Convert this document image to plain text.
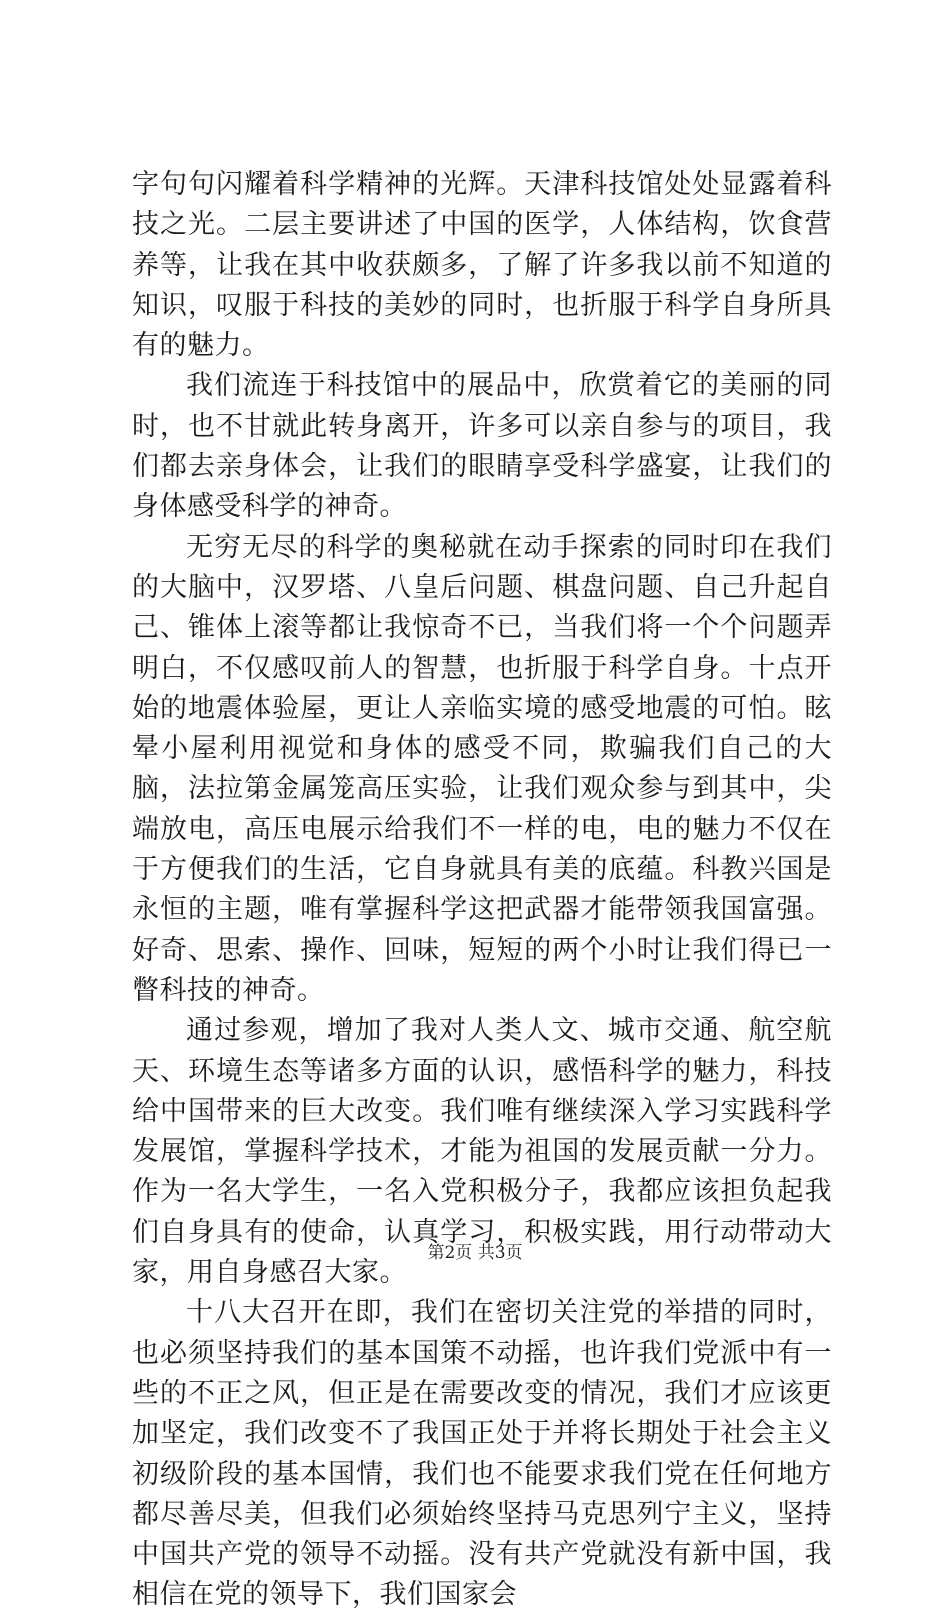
字句句闪耀着科学精神的光辉。天津科技馆处处显露着科技之光。二层主要讲述了中国的医学，人体结构，饮食营养等，让我在其中收获颇多，了解了许多我以前不知道的知识，叹服于科技的美妙的同时，也折服于科学自身所具有的魅力。

我们流连于科技馆中的展品中，欣赏着它的美丽的同时，也不甘就此转身离开，许多可以亲自参与的项目，我们都去亲身体会，让我们的眼睛享受科学盛宴，让我们的身体感受科学的神奇。

无穷无尽的科学的奥秘就在动手探索的同时印在我们的大脑中，汉罗塔、八皇后问题、棋盘问题、自己升起自己、锥体上滚等都让我惊奇不已，当我们将一个个问题弄明白，不仅感叹前人的智慧，也折服于科学自身。十点开始的地震体验屋，更让人亲临实境的感受地震的可怕。眩晕小屋利用视觉和身体的感受不同，欺骗我们自己的大脑，法拉第金属笼高压实验，让我们观众参与到其中，尖端放电，高压电展示给我们不一样的电，电的魅力不仅在于方便我们的生活，它自身就具有美的底蕴。科教兴国是永恒的主题，唯有掌握科学这把武器才能带领我国富强。好奇、思索、操作、回味，短短的两个小时让我们得已一瞥科技的神奇。

通过参观，增加了我对人类人文、城市交通、航空航天、环境生态等诸多方面的认识，感悟科学的魅力，科技给中国带来的巨大改变。我们唯有继续深入学习实践科学发展馆，掌握科学技术，才能为祖国的发展贡献一分力。作为一名大学生，一名入党积极分子，我都应该担负起我们自身具有的使命，认真学习，积极实践，用行动带动大家，用自身感召大家。

十八大召开在即，我们在密切关注党的举措的同时，也必须坚持我们的基本国策不动摇，也许我们党派中有一些的不正之风，但正是在需要改变的情况，我们才应该更加坚定，我们改变不了我国正处于并将长期处于社会主义初级阶段的基本国情，我们也不能要求我们党在任何地方都尽善尽美，但我们必须始终坚持马克思列宁主义，坚持中国共产党的领导不动摇。没有共产党就没有新中国，我相信在党的领导下，我们国家会

第2页 共3页
